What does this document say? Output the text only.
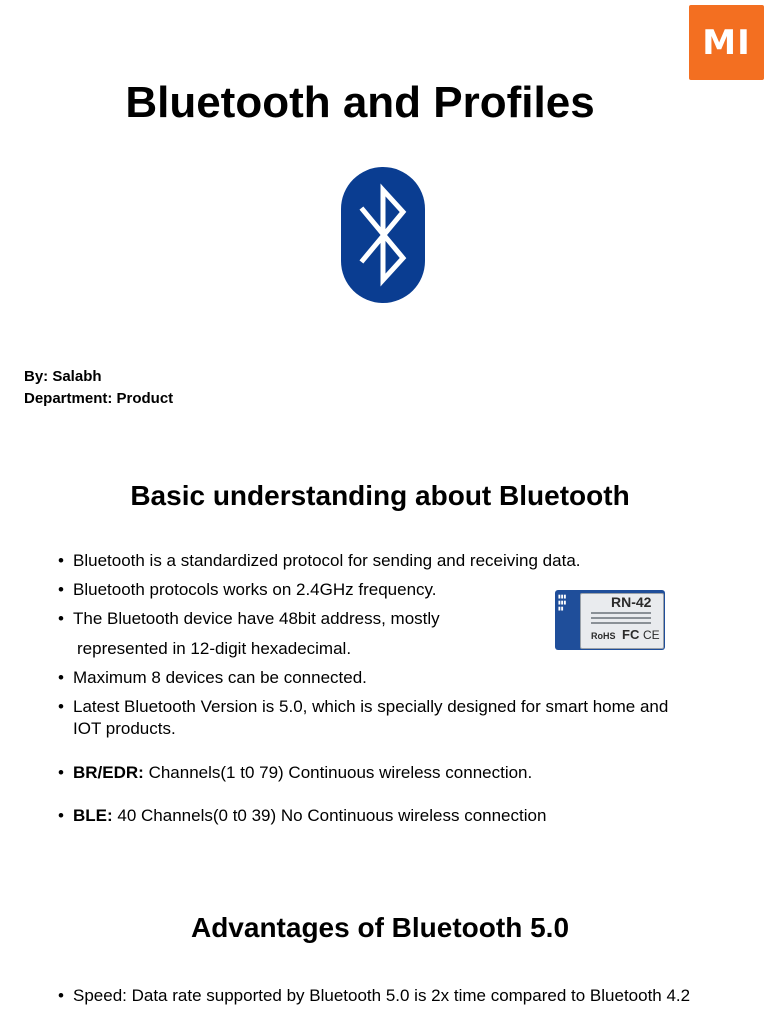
MI
Bluetooth and Profiles
By: Salabh
Department: Product
Basic understanding about Bluetooth
• Bluetooth is a standardized protocol for sending and receiving data.
• Bluetooth protocols works on 2.4GHz frequency.
• The Bluetooth device have 48bit address, mostly
represented in 12-digit hexadecimal.
• Maximum 8 devices can be connected.
• Latest Bluetooth Version is 5.0, which is specially designed for smart home and IOT products.
• BR/EDR: Channels(1 t0 79) Continuous wireless connection.
• BLE: 40 Channels(0 t0 39) No Continuous wireless connection
▮▮▮
▮▮▮
▮▮	RN-42
RoHS FC CE
Advantages of Bluetooth 5.0
• Speed: Data rate supported by Bluetooth 5.0 is 2x time compared to Bluetooth 4.2
